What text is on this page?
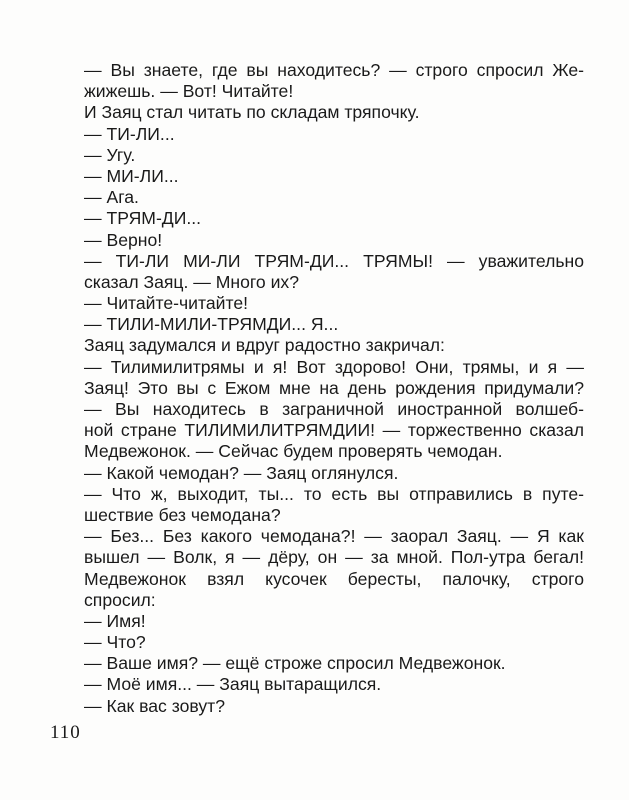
— Вы знаете, где вы находитесь? — строго спросил Же-
жижешь. — Вот! Читайте!
И Заяц стал читать по складам тряпочку.
— ТИ-ЛИ...
— Угу.
— МИ-ЛИ...
— Ага.
— ТРЯМ-ДИ...
— Верно!
— ТИ-ЛИ МИ-ЛИ ТРЯМ-ДИ... ТРЯМЫ! — уважительно
сказал Заяц. — Много их?
— Читайте-читайте!
— ТИЛИ-МИЛИ-ТРЯМДИ... Я...
Заяц задумался и вдруг радостно закричал:
— Тилимилитрямы и я! Вот здорово! Они, трямы, и я —
Заяц! Это вы с Ежом мне на день рождения придумали?
— Вы находитесь в заграничной иностранной волшеб-
ной стране ТИЛИМИЛИТРЯМДИИ! — торжественно сказал
Медвежонок. — Сейчас будем проверять чемодан.
— Какой чемодан? — Заяц оглянулся.
— Что ж, выходит, ты... то есть вы отправились в путе-
шествие без чемодана?
— Без... Без какого чемодана?! — заорал Заяц. — Я как
вышел — Волк, я — дёру, он — за мной. Пол-утра бегал!
Медвежонок взял кусочек бересты, палочку, строго
спросил:
— Имя!
— Что?
— Ваше имя? — ещё строже спросил Медвежонок.
— Моё имя... — Заяц вытаращился.
— Как вас зовут?
110
